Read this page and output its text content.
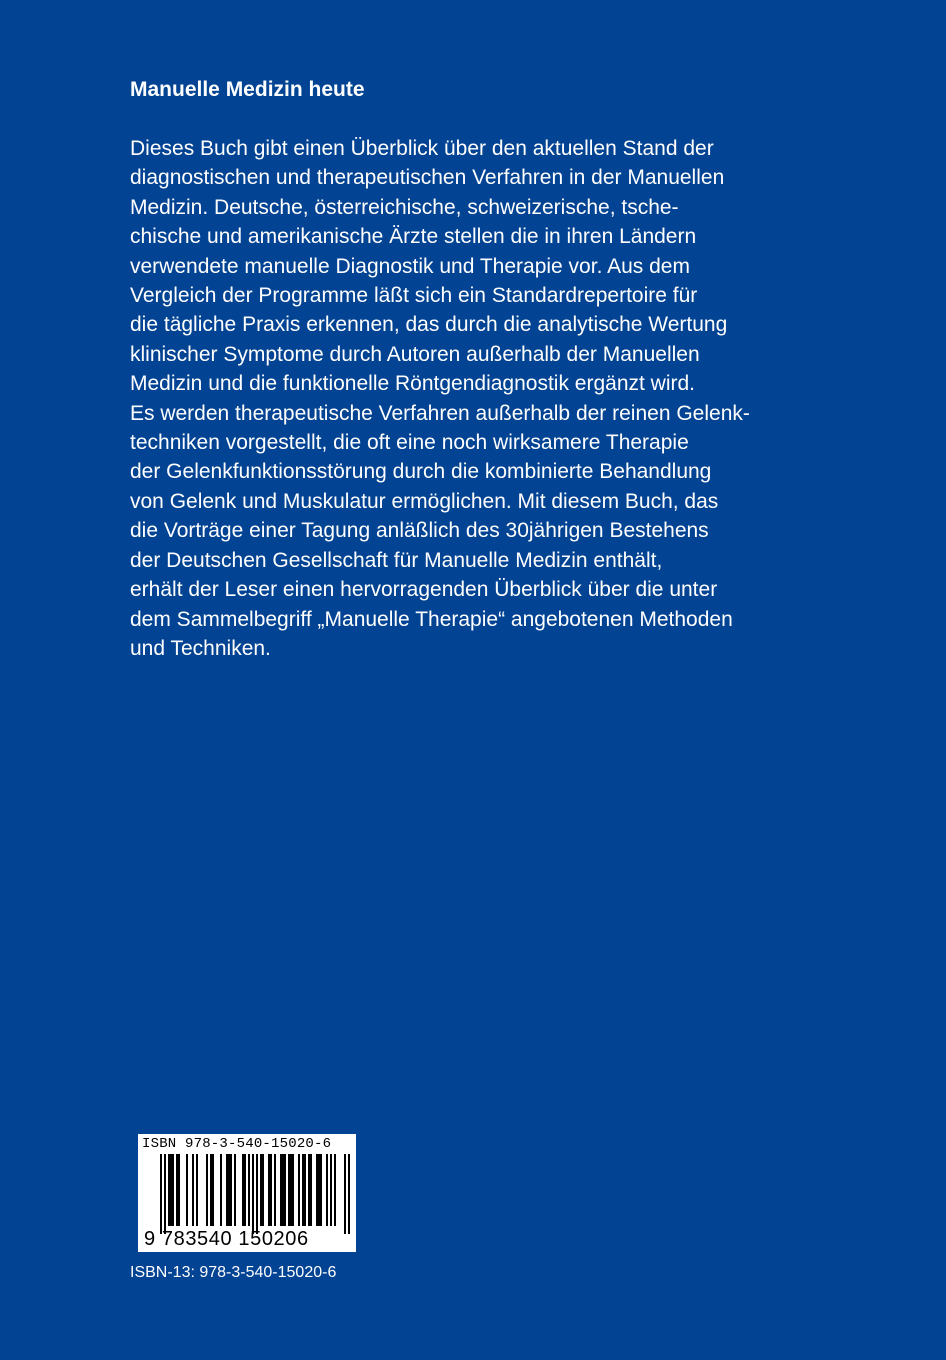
Manuelle Medizin heute

Dieses Buch gibt einen Überblick über den aktuellen Stand der
diagnostischen und therapeutischen Verfahren in der Manuellen
Medizin. Deutsche, österreichische, schweizerische, tsche-
chische und amerikanische Ärzte stellen die in ihren Ländern
verwendete manuelle Diagnostik und Therapie vor. Aus dem
Vergleich der Programme läßt sich ein Standardrepertoire für
die tägliche Praxis erkennen, das durch die analytische Wertung
klinischer Symptome durch Autoren außerhalb der Manuellen
Medizin und die funktionelle Röntgendiagnostik ergänzt wird.
Es werden therapeutische Verfahren außerhalb der reinen Gelenk-
techniken vorgestellt, die oft eine noch wirksamere Therapie
der Gelenkfunktionsstörung durch die kombinierte Behandlung
von Gelenk und Muskulatur ermöglichen. Mit diesem Buch, das
die Vorträge einer Tagung anläßlich des 30jährigen Bestehens
der Deutschen Gesellschaft für Manuelle Medizin enthält,
erhält der Leser einen hervorragenden Überblick über die unter
dem Sammelbegriff „Manuelle Therapie“ angebotenen Methoden
und Techniken.

ISBN 978-3-540-15020-6
9 783540 150206

ISBN-13: 978-3-540-15020-6
